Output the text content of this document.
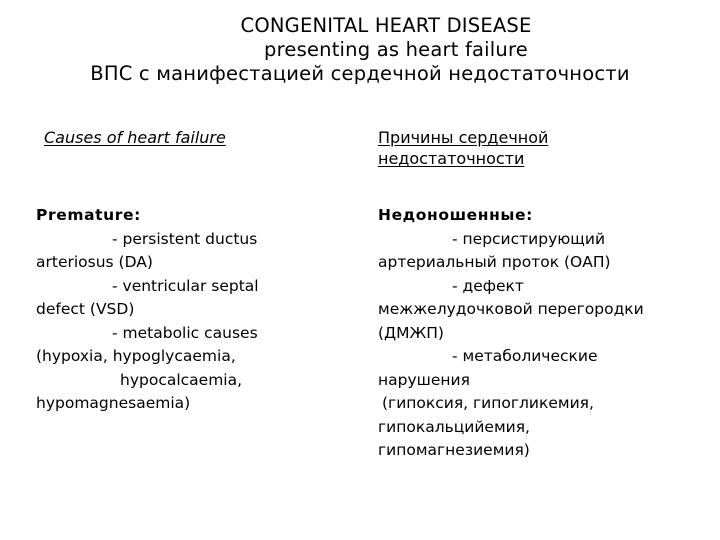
CONGENITAL HEART DISEASE
presenting as heart failure
ВПС с манифестацией сердечной недостаточности
Causes of heart failure	Причины сердечной
недостаточности
Premature:
- persistent ductus
arteriosus (DA)
- ventricular septal
defect (VSD)
- metabolic causes
(hypoxia, hypoglycaemia,
hypocalcaemia,
hypomagnesaemia)
Недоношенные:
- персистирующий
артериальный проток (ОАП)
- дефект
межжелудочковой перегородки
(ДМЖП)
- метаболические
нарушения
(гипоксия, гипогликемия,
гипокальцийемия,
гипомагнезиемия)
